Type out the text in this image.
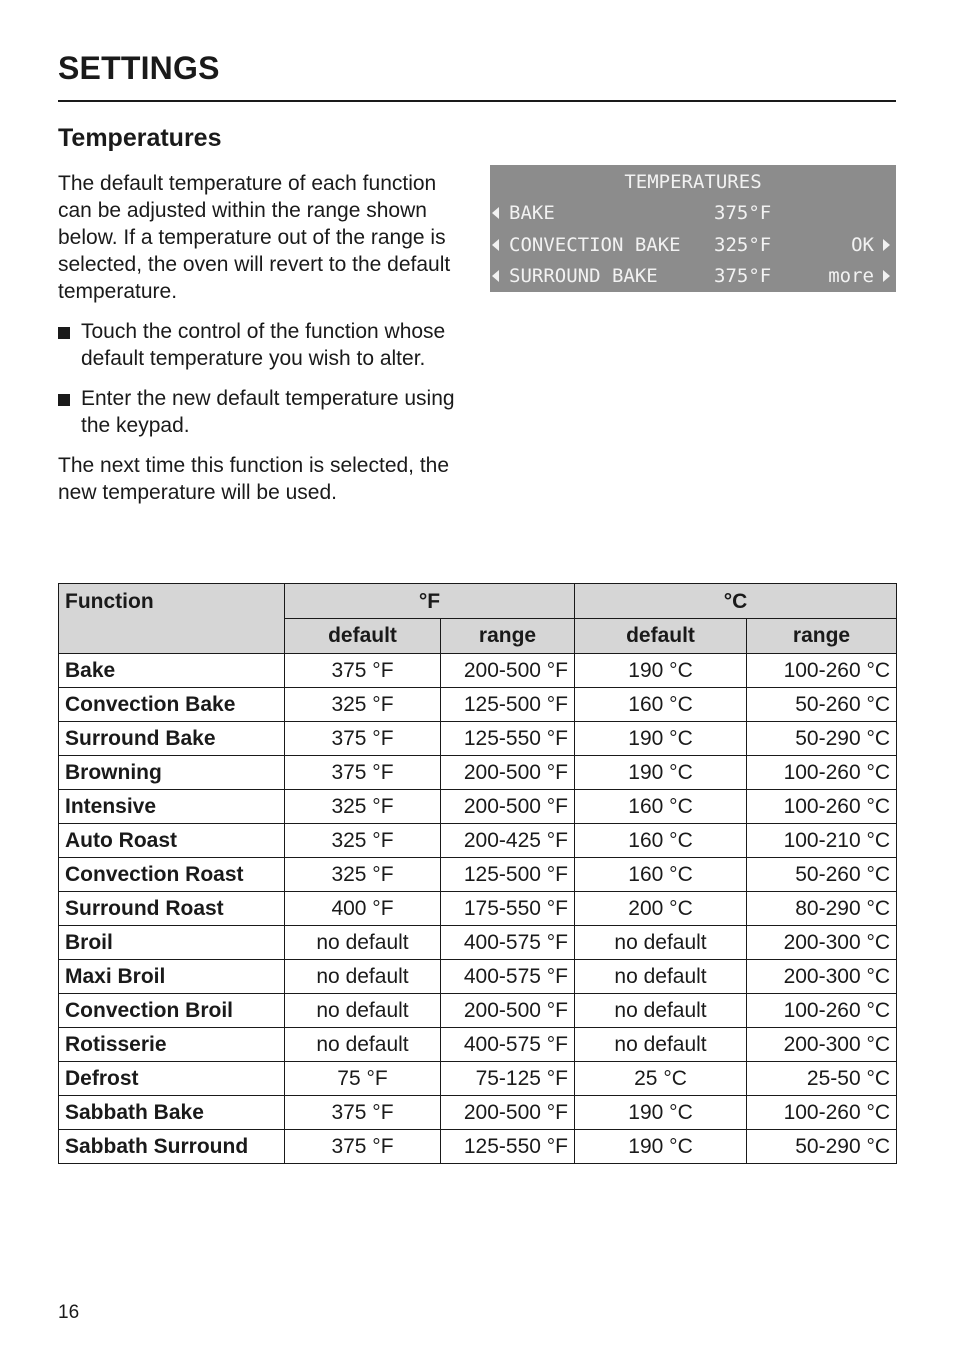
SETTINGS
Temperatures

The default temperature of each function can be adjusted within the range shown below. If a temperature out of the range is selected, the oven will revert to the default temperature.

Touch the control of the function whose default temperature you wish to alter.
Enter the new default temperature using the keypad.

The next time this function is selected, the new temperature will be used.

TEMPERATURES
BAKE	375°F
CONVECTION BAKE 325°F	OK
SURROUND BAKE	375°F	more
Function	°F		°C	
	default	range	default	range
Bake	375 °F	200-500 °F	190 °C	100-260 °C
Convection Bake	325 °F	125-500 °F	160 °C	50-260 °C
Surround Bake	375 °F	125-550 °F	190 °C	50-290 °C
Browning	375 °F	200-500 °F	190 °C	100-260 °C
Intensive	325 °F	200-500 °F	160 °C	100-260 °C
Auto Roast	325 °F	200-425 °F	160 °C	100-210 °C
Convection Roast	325 °F	125-500 °F	160 °C	50-260 °C
Surround Roast	400 °F	175-550 °F	200 °C	80-290 °C
Broil	no default	400-575 °F	no default	200-300 °C
Maxi Broil	no default	400-575 °F	no default	200-300 °C
Convection Broil	no default	200-500 °F	no default	100-260 °C
Rotisserie	no default	400-575 °F	no default	200-300 °C
Defrost	75 °F	75-125 °F	25 °C	25-50 °C
Sabbath Bake	375 °F	200-500 °F	190 °C	100-260 °C
Sabbath Surround	375 °F	125-550 °F	190 °C	50-290 °C
16
